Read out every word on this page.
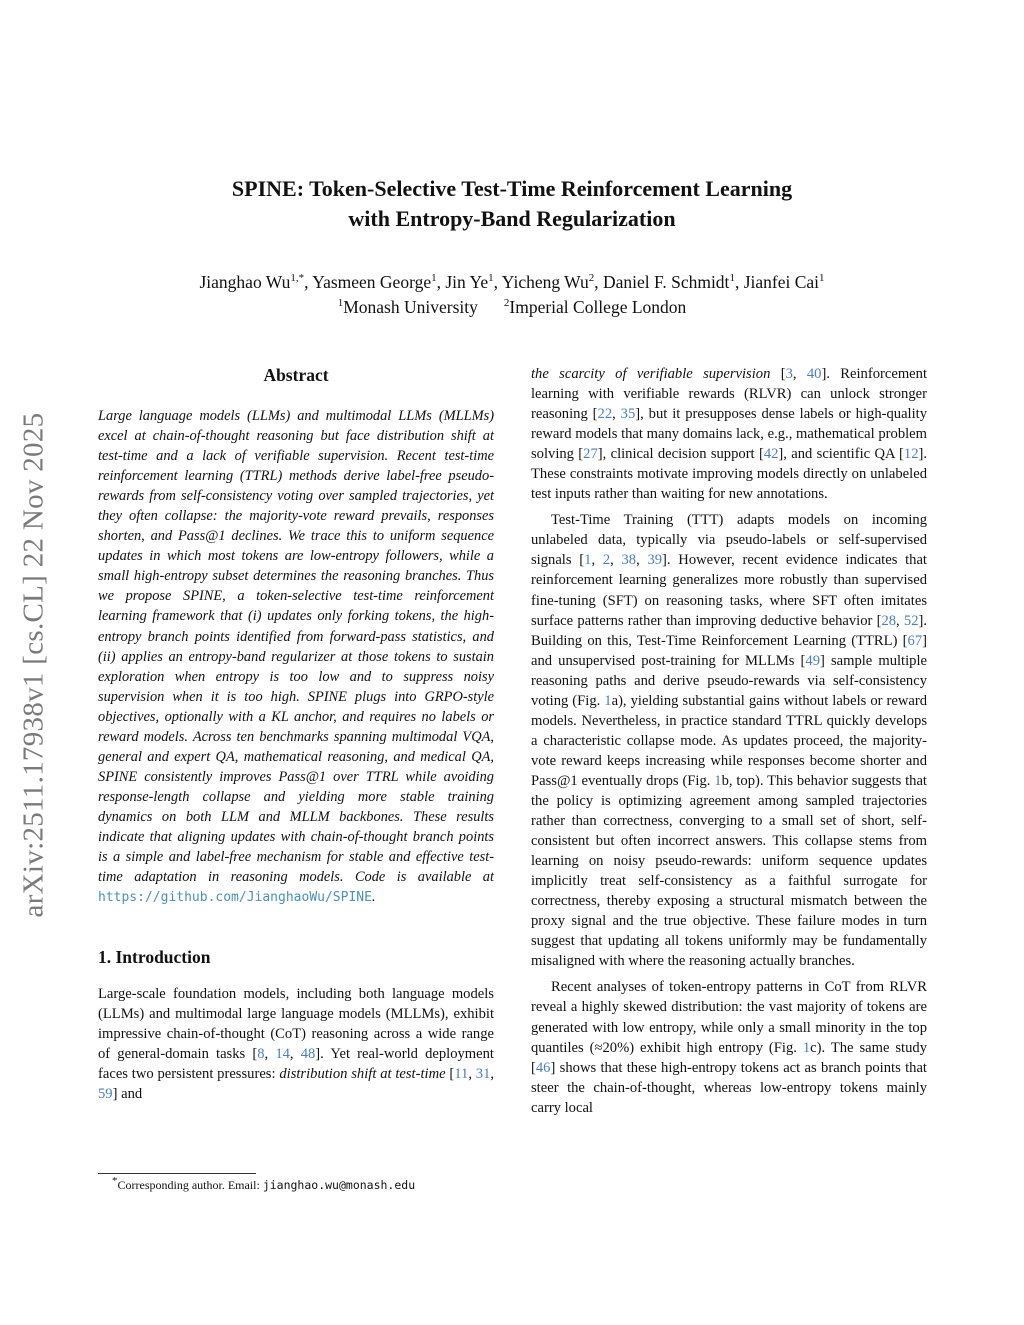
arXiv:2511.17938v1 [cs.CL] 22 Nov 2025
SPINE: Token-Selective Test-Time Reinforcement Learning
with Entropy-Band Regularization
Jianghao $Wu^{1,*}$, Yasmeen George$^1$, Jin Ye$^1$, Yicheng Wu$^2$, Daniel F. Schmidt$^1$, Jianfei Cai$^1$
$^1$Monash University $^2$Imperial College London
Abstract

Large language models (LLMs) and multimodal LLMs (MLLMs) excel at chain-of-thought reasoning but face distribution shift at test-time and a lack of verifiable supervision. Recent test-time reinforcement learning (TTRL) methods derive label-free pseudo-rewards from self-consistency voting over sampled trajectories, yet they often collapse: the majority-vote reward prevails, responses shorten, and Pass@1 declines. We trace this to uniform sequence updates in which most tokens are low-entropy followers, while a small high-entropy subset determines the reasoning branches. Thus we propose SPINE, a token-selective test-time reinforcement learning framework that (i) updates only forking tokens, the high-entropy branch points identified from forward-pass statistics, and (ii) applies an entropy-band regularizer at those tokens to sustain exploration when entropy is too low and to suppress noisy supervision when it is too high. SPINE plugs into GRPO-style objectives, optionally with a KL anchor, and requires no labels or reward models. Across ten benchmarks spanning multimodal VQA, general and expert QA, mathematical reasoning, and medical QA, SPINE consistently improves Pass@1 over TTRL while avoiding response-length collapse and yielding more stable training dynamics on both LLM and MLLM backbones. These results indicate that aligning updates with chain-of-thought branch points is a simple and label-free mechanism for stable and effective test-time adaptation in reasoning models. Code is available at https://github.com/JianghaoWu/SPINE.

1. Introduction

Large-scale foundation models, including both language models (LLMs) and multimodal large language models (MLLMs), exhibit impressive chain-of-thought (CoT) reasoning across a wide range of general-domain tasks [8, 14, 48]. Yet real-world deployment faces two persistent pressures: distribution shift at test-time [11, 31, 59] and

the scarcity of verifiable supervision [3, 40]. Reinforcement learning with verifiable rewards (RLVR) can unlock stronger reasoning [22, 35], but it presupposes dense labels or high-quality reward models that many domains lack, e.g., mathematical problem solving [27], clinical decision support [42], and scientific QA [12]. These constraints motivate improving models directly on unlabeled test inputs rather than waiting for new annotations.

Test-Time Training (TTT) adapts models on incoming unlabeled data, typically via pseudo-labels or self-supervised signals [1, 2, 38, 39]. However, recent evidence indicates that reinforcement learning generalizes more robustly than supervised fine-tuning (SFT) on reasoning tasks, where SFT often imitates surface patterns rather than improving deductive behavior [28, 52]. Building on this, Test-Time Reinforcement Learning (TTRL) [67] and unsupervised post-training for MLLMs [49] sample multiple reasoning paths and derive pseudo-rewards via self-consistency voting (Fig. 1a), yielding substantial gains without labels or reward models. Nevertheless, in practice standard TTRL quickly develops a characteristic collapse mode. As updates proceed, the majority-vote reward keeps increasing while responses become shorter and Pass@1 eventually drops (Fig. 1b, top). This behavior suggests that the policy is optimizing agreement among sampled trajectories rather than correctness, converging to a small set of short, self-consistent but often incorrect answers. This collapse stems from learning on noisy pseudo-rewards: uniform sequence updates implicitly treat self-consistency as a faithful surrogate for correctness, thereby exposing a structural mismatch between the proxy signal and the true objective. These failure modes in turn suggest that updating all tokens uniformly may be fundamentally misaligned with where the reasoning actually branches.

Recent analyses of token-entropy patterns in CoT from RLVR reveal a highly skewed distribution: the vast majority of tokens are generated with low entropy, while only a small minority in the top quantiles (≈20%) exhibit high entropy (Fig. 1c). The same study [46] shows that these high-entropy tokens act as branch points that steer the chain-of-thought, whereas low-entropy tokens mainly carry local

*Corresponding author. Email: jianghao.wu@monash.edu
